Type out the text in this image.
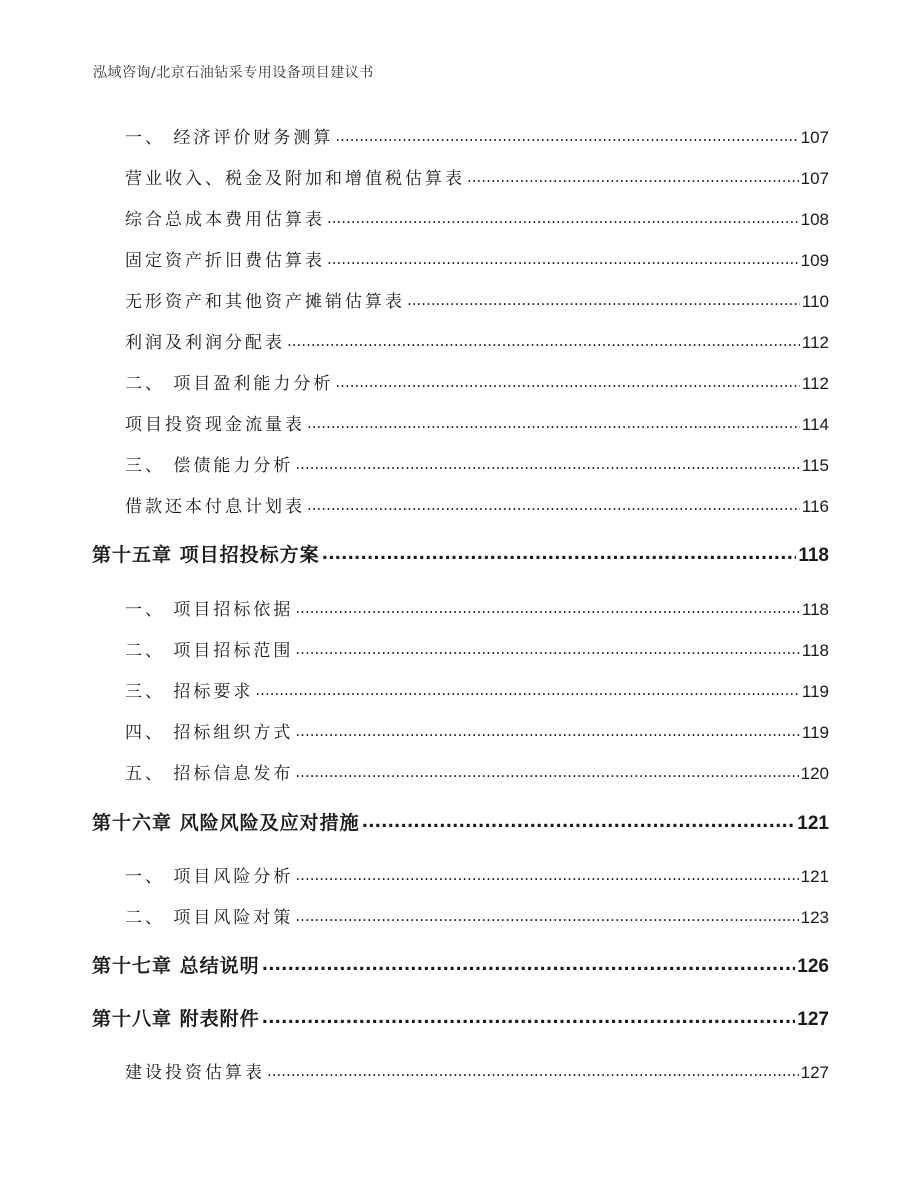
泓域咨询/北京石油钻采专用设备项目建议书
一、 经济评价财务测算 .....	107
营业收入、税金及附加和增值税估算表 .....	107
综合总成本费用估算表 .....	108
固定资产折旧费估算表 .....	109
无形资产和其他资产摊销估算表 .....	110
利润及利润分配表 .....	112
二、 项目盈利能力分析 .....	112
项目投资现金流量表 .....	114
三、 偿债能力分析 .....	115
借款还本付息计划表 .....	116
第十五章 项目招投标方案 .....	118
一、 项目招标依据 .....	118
二、 项目招标范围 .....	118
三、 招标要求 .....	119
四、 招标组织方式 .....	119
五、 招标信息发布 .....	120
第十六章 风险风险及应对措施 .....	121
一、 项目风险分析 .....	121
二、 项目风险对策 .....	123
第十七章 总结说明 .....	126
第十八章 附表附件 .....	127
建设投资估算表 .....	127
